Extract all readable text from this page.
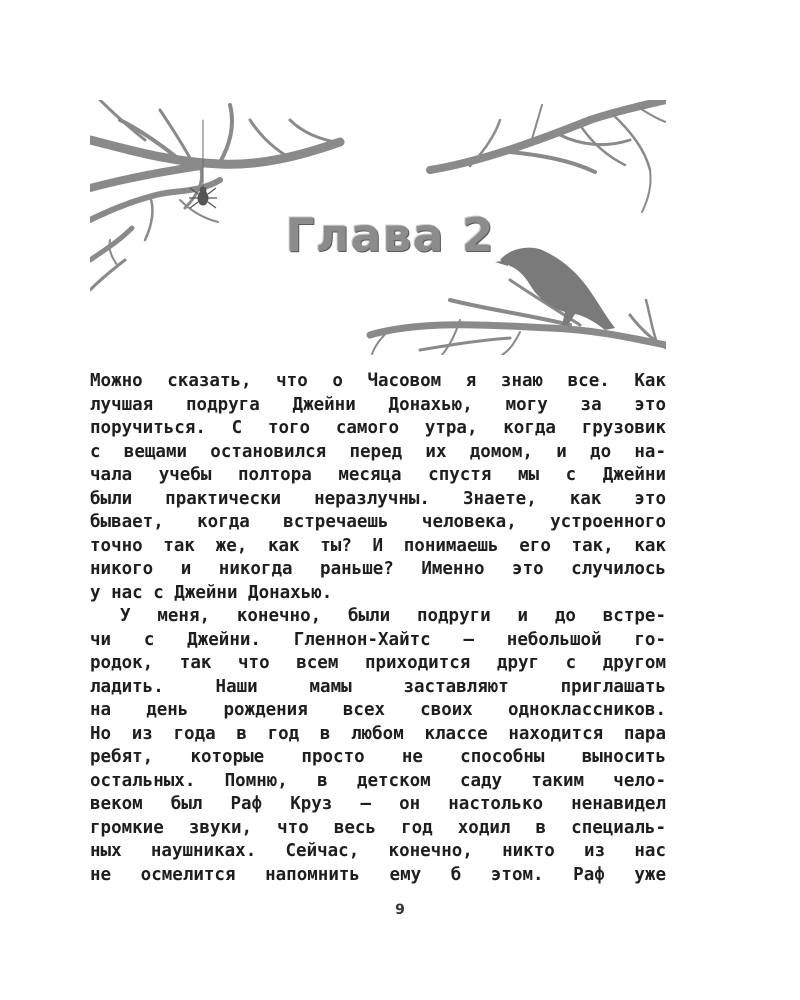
Глава 2

Можно сказать, что о Часовом я знаю все. Как
лучшая подруга Джейни Донахью, могу за это
поручиться. С того самого утра, когда грузовик
с вещами остановился перед их домом, и до на-
чала учебы полтора месяца спустя мы с Джейни
были практически неразлучны. Знаете, как это
бывает, когда встречаешь человека, устроенного
точно так же, как ты? И понимаешь его так, как
никого и никогда раньше? Именно это случилось
у нас с Джейни Донахью.

У меня, конечно, были подруги и до встре-
чи с Джейни. Гленнон-Хайтс — небольшой го-
родок, так что всем приходится друг с другом
ладить. Наши мамы заставляют приглашать
на день рождения всех своих одноклассников.
Но из года в год в любом классе находится пара
ребят, которые просто не способны выносить
остальных. Помню, в детском саду таким чело-
веком был Раф Круз — он настолько ненавидел
громкие звуки, что весь год ходил в специаль-
ных наушниках. Сейчас, конечно, никто из нас
не осмелится напомнить ему б этом. Раф уже

9
